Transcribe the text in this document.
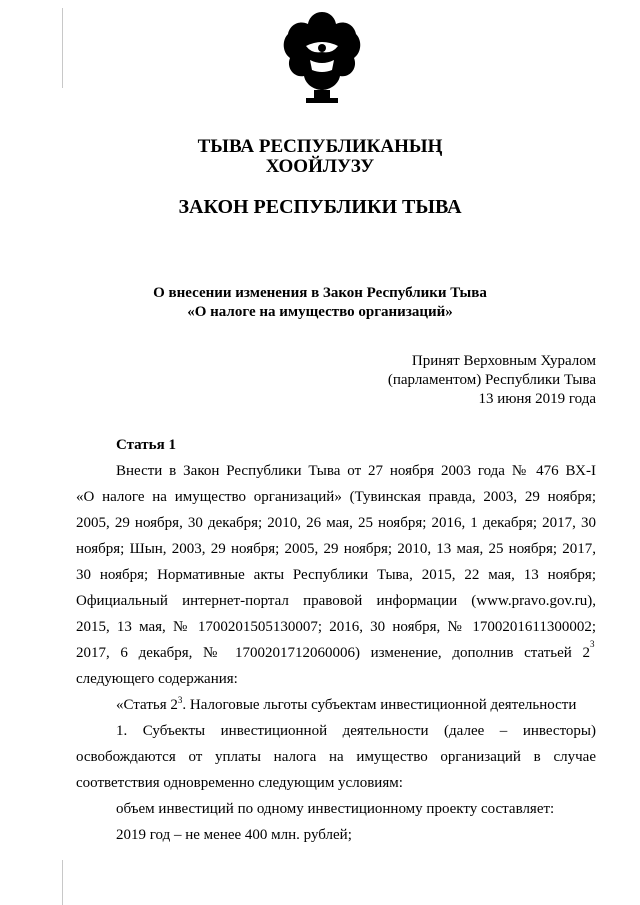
ТЫВА РЕСПУБЛИКАНЫҢ
ХООЙЛУЗУ
ЗАКОН РЕСПУБЛИКИ ТЫВА
О внесении изменения в Закон Республики Тыва
«О налоге на имущество организаций»
Принят Верховным Хуралом
(парламентом) Республики Тыва
13 июня 2019 года
Статья 1
Внести в Закон Республики Тыва от 27 ноября 2003 года № 476 ВХ-I
«О налоге на имущество организаций» (Тувинская правда, 2003, 29 ноября;
2005, 29 ноября, 30 декабря; 2010, 26 мая, 25 ноября; 2016, 1 декабря; 2017, 30
ноября; Шын, 2003, 29 ноября; 2005, 29 ноября; 2010, 13 мая, 25 ноября; 2017,
30 ноября; Нормативные акты Республики Тыва, 2015, 22 мая, 13 ноября;
Официальный интернет-портал правовой информации (www.pravo.gov.ru),
2015, 13 мая, № 1700201505130007; 2016, 30 ноября, № 1700201611300002;
2017, 6 декабря, № 1700201712060006) изменение, дополнив статьей 2
3
следующего содержания:
«Статья $2^3$. Налоговые льготы субъектам инвестиционной деятельности
1. Субъекты инвестиционной деятельности (далее – инвесторы)
освобождаются от уплаты налога на имущество организаций в случае
соответствия одновременно следующим условиям:
объем инвестиций по одному инвестиционному проекту составляет:
2019 год – не менее 400 млн. рублей;
